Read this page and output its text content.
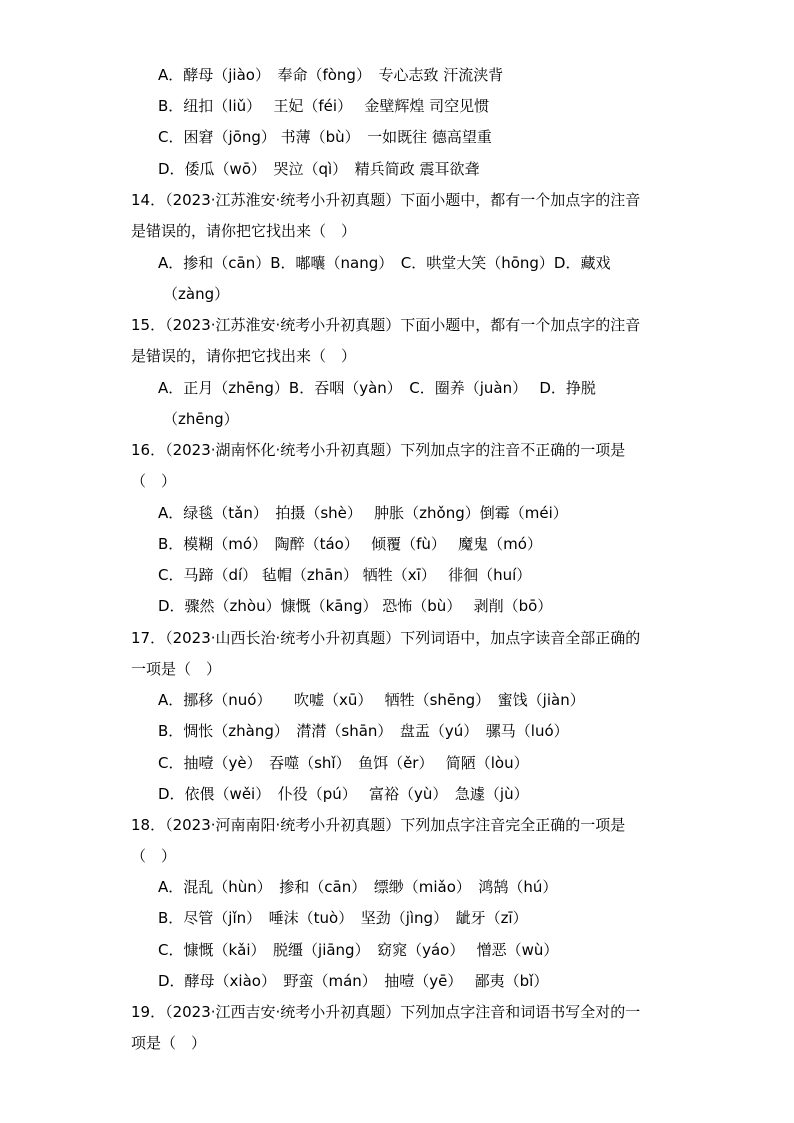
A．酵母（jiào）　奉命（fòng）　专心志致 汗流浃背
B．纽扣（liǔ）　 王妃（féi）　 金壁辉煌 司空见惯
C．困窘（jōng） 书薄（bù）　一如既往 德高望重
D．倭瓜（wō）　哭泣（qì）　精兵简政 震耳欲聋
14．（2023·江苏淮安·统考小升初真题）下面小题中，都有一个加点字的注音
是错误的，请你把它找出来（　）
A．掺和（cān）B．嘟囔（nang）　C．哄堂大笑（hōng）D．藏戏
（zàng）
15．（2023·江苏淮安·统考小升初真题）下面小题中，都有一个加点字的注音
是错误的，请你把它找出来（　）
A．正月（zhēng）B．吞咽（yàn）　C．圈养（juàn）　 D．挣脱
（zhēng）
16．（2023·湖南怀化·统考小升初真题）下列加点字的注音不正确的一项是
（　）
A．绿毯（tǎn）　拍摄（shè）　 肿胀（zhǒng）倒霉（méi）
B．模糊（mó）　陶醉（táo）　 倾覆（fù）　 魔鬼（mó）
C．马蹄（dí） 毡帽（zhān） 牺牲（xī）　 徘徊（huí）
D．骤然（zhòu）慷慨（kāng） 恐怖（bù）　 剥削（bō）
17．（2023·山西长治·统考小升初真题）下列词语中，加点字读音全部正确的
一项是（　）
A．挪移（nuó）　　吹嘘（xū）　 牺牲（shēng）　蜜饯（jiàn）
B．惆怅（zhàng）　潸潸（shān）　盘盂（yú）　骡马（luó）
C．抽噎（yè）　吞噬（shǐ）　鱼饵（ěr）　 简陋（lòu）
D．依偎（wěi）　仆役（pú）　 富裕（yù）　急遽（jù）
18．（2023·河南南阳·统考小升初真题）下列加点字注音完全正确的一项是
（　）
A．混乱（hùn）　掺和（cān）　缥缈（miǎo）　鸿鹄（hú）
B．尽管（jǐn）　唾沫（tuò）　坚劲（jìng）　龇牙（zī）
C．慷慨（kǎi）　脱缰（jiāng）　窈窕（yáo）　 憎恶（wù）
D．酵母（xiào）　野蛮（mán）　抽噎（yē）　 鄙夷（bǐ）
19．（2023·江西吉安·统考小升初真题）下列加点字注音和词语书写全对的一
项是（　）
